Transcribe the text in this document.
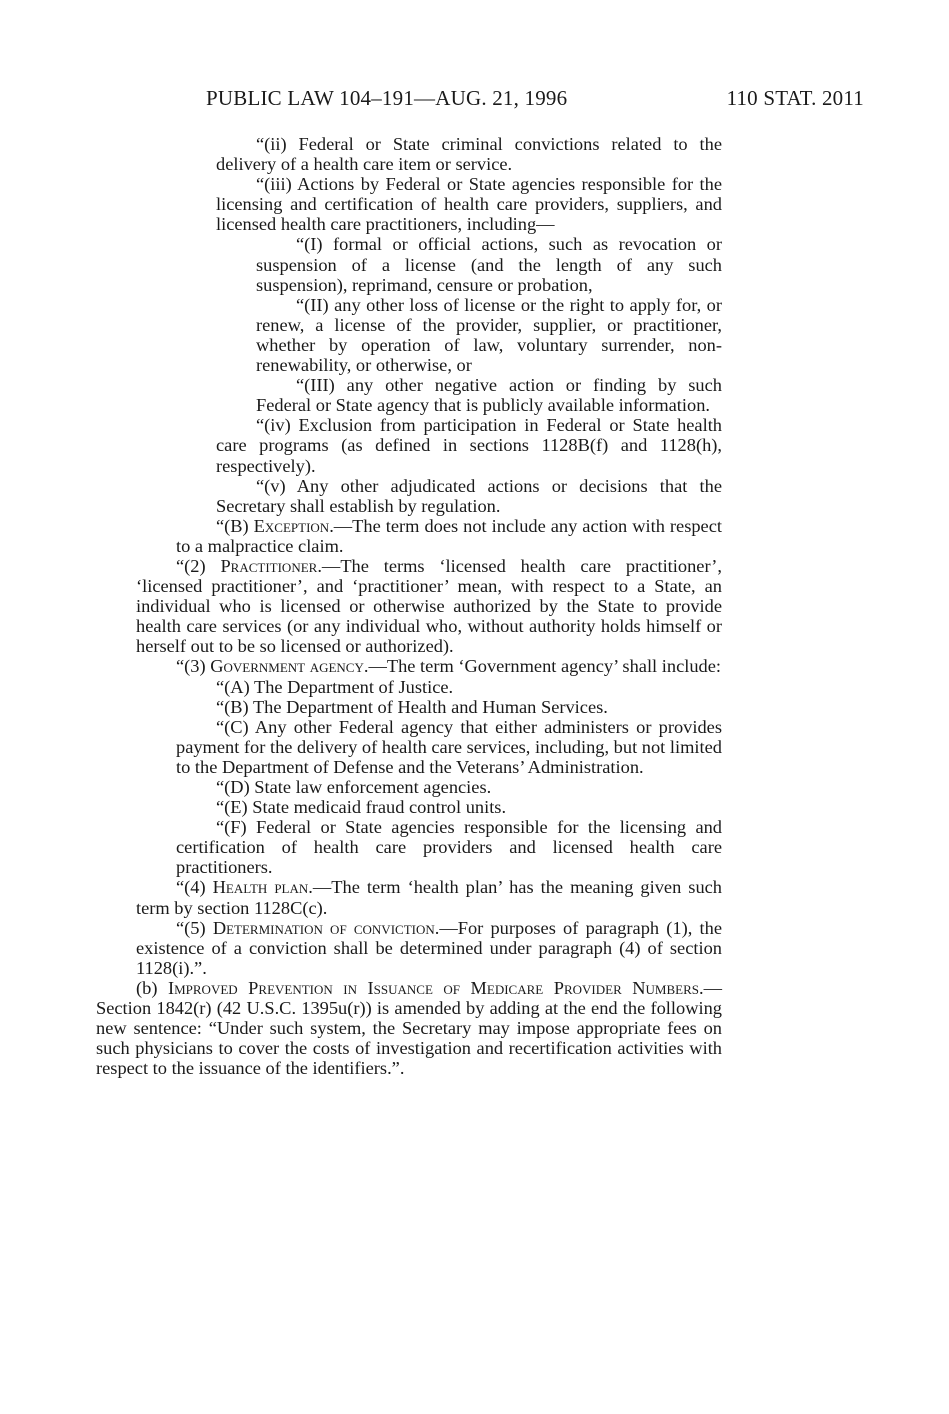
PUBLIC LAW 104–191—AUG. 21, 1996	110 STAT. 2011

“(ii) Federal or State criminal convictions related to the delivery of a health care item or service.

“(iii) Actions by Federal or State agencies responsible for the licensing and certification of health care providers, suppliers, and licensed health care practitioners, including—

“(I) formal or official actions, such as revocation or suspension of a license (and the length of any such suspension), reprimand, censure or probation,

“(II) any other loss of license or the right to apply for, or renew, a license of the provider, supplier, or practitioner, whether by operation of law, voluntary surrender, non-renewability, or otherwise, or

“(III) any other negative action or finding by such Federal or State agency that is publicly available information.

“(iv) Exclusion from participation in Federal or State health care programs (as defined in sections 1128B(f) and 1128(h), respectively).

“(v) Any other adjudicated actions or decisions that the Secretary shall establish by regulation.

“(B) Exception.—The term does not include any action with respect to a malpractice claim.

“(2) Practitioner.—The terms ‘licensed health care practitioner’, ‘licensed practitioner’, and ‘practitioner’ mean, with respect to a State, an individual who is licensed or otherwise authorized by the State to provide health care services (or any individual who, without authority holds himself or herself out to be so licensed or authorized).

“(3) Government agency.—The term ‘Government agency’ shall include:

“(A) The Department of Justice.

“(B) The Department of Health and Human Services.

“(C) Any other Federal agency that either administers or provides payment for the delivery of health care services, including, but not limited to the Department of Defense and the Veterans’ Administration.

“(D) State law enforcement agencies.

“(E) State medicaid fraud control units.

“(F) Federal or State agencies responsible for the licensing and certification of health care providers and licensed health care practitioners.

“(4) Health plan.—The term ‘health plan’ has the meaning given such term by section 1128C(c).

“(5) Determination of conviction.—For purposes of paragraph (1), the existence of a conviction shall be determined under paragraph (4) of section 1128(i).”.

(b) Improved Prevention in Issuance of Medicare Provider Numbers.—Section 1842(r) (42 U.S.C. 1395u(r)) is amended by adding at the end the following new sentence: “Under such system, the Secretary may impose appropriate fees on such physicians to cover the costs of investigation and recertification activities with respect to the issuance of the identifiers.”.
